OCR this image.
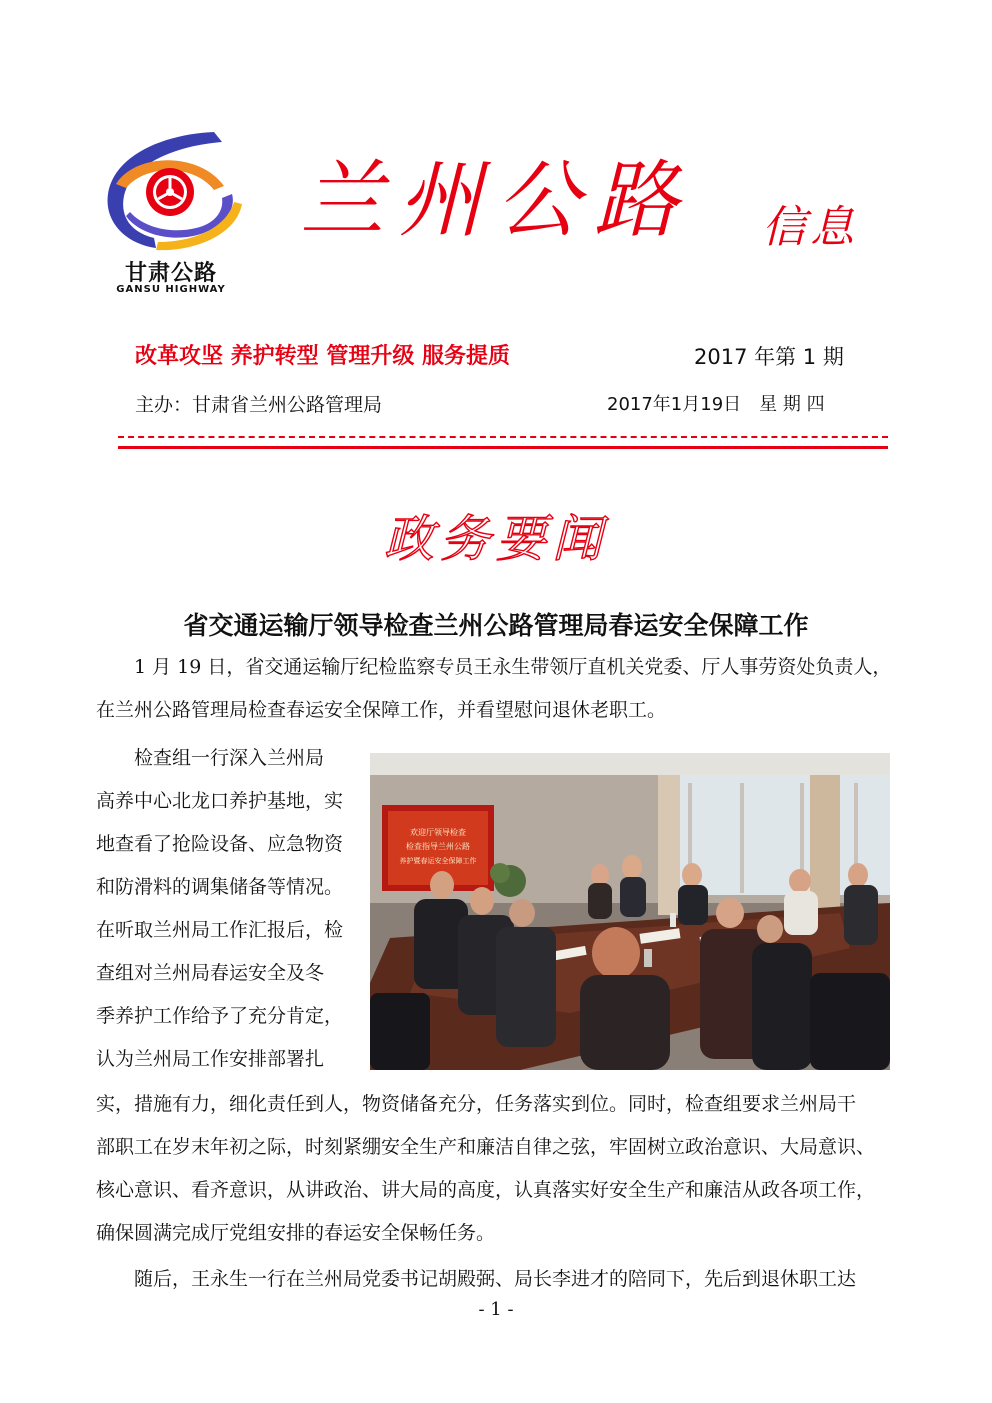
甘肃公路
GANSU HIGHWAY
兰州公路 信息
改革攻坚 养护转型 管理升级 服务提质	2017 年第 1 期
主办：甘肃省兰州公路管理局	2017年1月19日　星 期 四
政务要闻
省交通运输厅领导检查兰州公路管理局春运安全保障工作

　　1 月 19 日，省交通运输厅纪检监察专员王永生带领厅直机关党委、厅人事劳资处负责人，

在兰州公路管理局检查春运安全保障工作，并看望慰问退休老职工。

　　检查组一行深入兰州局

高养中心北龙口养护基地，实

地查看了抢险设备、应急物资

和防滑料的调集储备等情况。

在听取兰州局工作汇报后，检

查组对兰州局春运安全及冬

季养护工作给予了充分肯定，

认为兰州局工作安排部署扎

欢迎厅领导检查
检查指导兰州公路
养护暨春运安全保障工作

实，措施有力，细化责任到人，物资储备充分，任务落实到位。同时，检查组要求兰州局干

部职工在岁末年初之际，时刻紧绷安全生产和廉洁自律之弦，牢固树立政治意识、大局意识、

核心意识、看齐意识，从讲政治、讲大局的高度，认真落实好安全生产和廉洁从政各项工作，

确保圆满完成厅党组安排的春运安全保畅任务。

　　随后，王永生一行在兰州局党委书记胡殿弼、局长李进才的陪同下，先后到退休职工达

- 1 -
